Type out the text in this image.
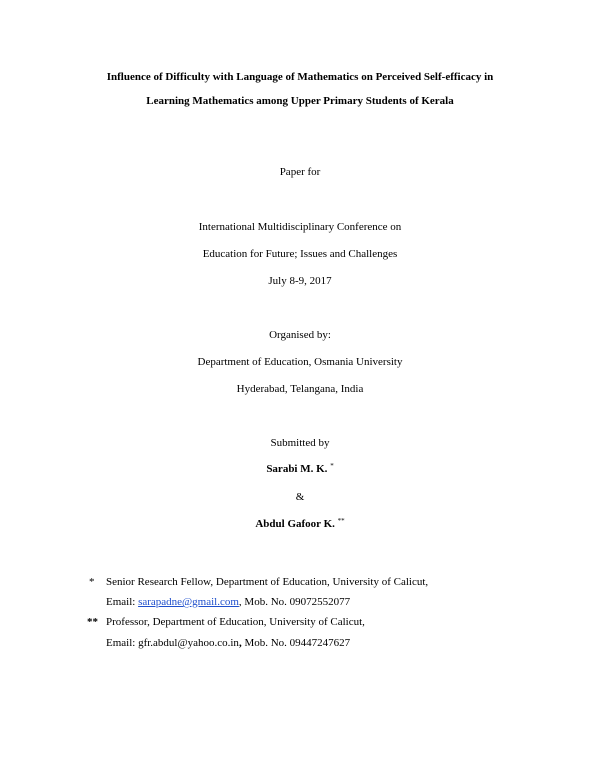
Influence of Difficulty with Language of Mathematics on Perceived Self-efficacy in
Learning Mathematics among Upper Primary Students of Kerala
Paper for
International Multidisciplinary Conference on
Education for Future; Issues and Challenges
July 8-9, 2017
Organised by:
Department of Education, Osmania University
Hyderabad, Telangana, India
Submitted by
Sarabi M. K. *
&
Abdul Gafoor K. **
* Senior Research Fellow, Department of Education, University of Calicut,
Email: sarapadne@gmail.com, Mob. No. 09072552077
** Professor, Department of Education, University of Calicut,
Email: gfr.abdul@yahoo.co.in, Mob. No. 09447247627
